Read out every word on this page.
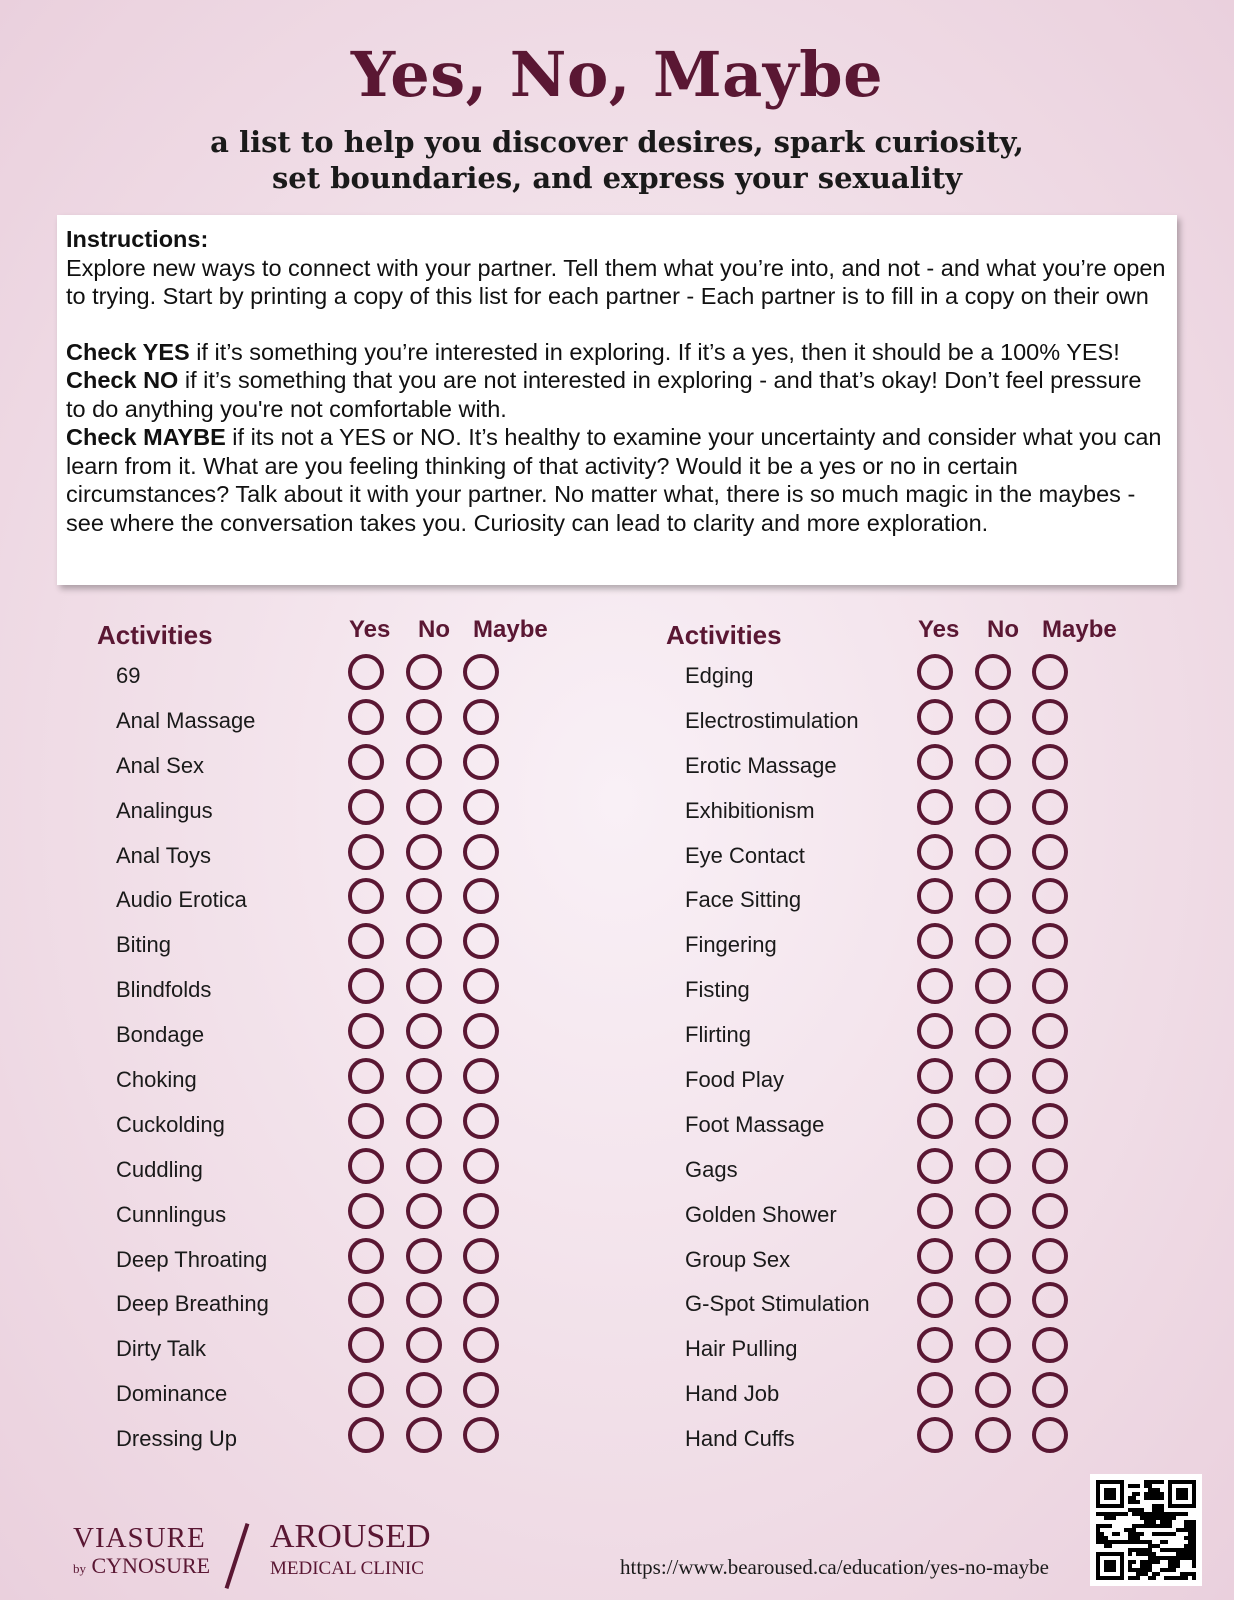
Yes, No, Maybe
a list to help you discover desires, spark curiosity,
set boundaries, and express your sexuality

Instructions:

Explore new ways to connect with your partner. Tell them what you’re into, and not - and what you’re open to trying. Start by printing a copy of this list for each partner - Each partner is to fill in a copy on their own

Check YES if it’s something you’re interested in exploring. If it’s a yes, then it should be a 100% YES!

Check NO if it’s something that you are not interested in exploring - and that’s okay! Don’t feel pressure to do anything you're not comfortable with.

Check MAYBE if its not a YES or NO. It’s healthy to examine your uncertainty and consider what you can learn from it. What are you feeling thinking of that activity? Would it be a yes or no in certain circumstances? Talk about it with your partner. No matter what, there is so much magic in the maybes - see where the conversation takes you. Curiosity can lead to clarity and more exploration.

Activities	Yes No Maybe
69
Anal Massage
Anal Sex
Analingus
Anal Toys
Audio Erotica
Biting
Blindfolds
Bondage
Choking
Cuckolding
Cuddling
Cunnlingus
Deep Throating
Deep Breathing
Dirty Talk
Dominance
Dressing Up
Activities	Yes No Maybe
Edging
Electrostimulation
Erotic Massage
Exhibitionism
Eye Contact
Face Sitting
Fingering
Fisting
Flirting
Food Play
Foot Massage
Gags
Golden Shower
Group Sex
G-Spot Stimulation
Hair Pulling
Hand Job
Hand Cuffs
VIASURE
by CYNOSURE
AROUSED
MEDICAL CLINIC	https://www.bearoused.ca/education/yes-no-maybe
